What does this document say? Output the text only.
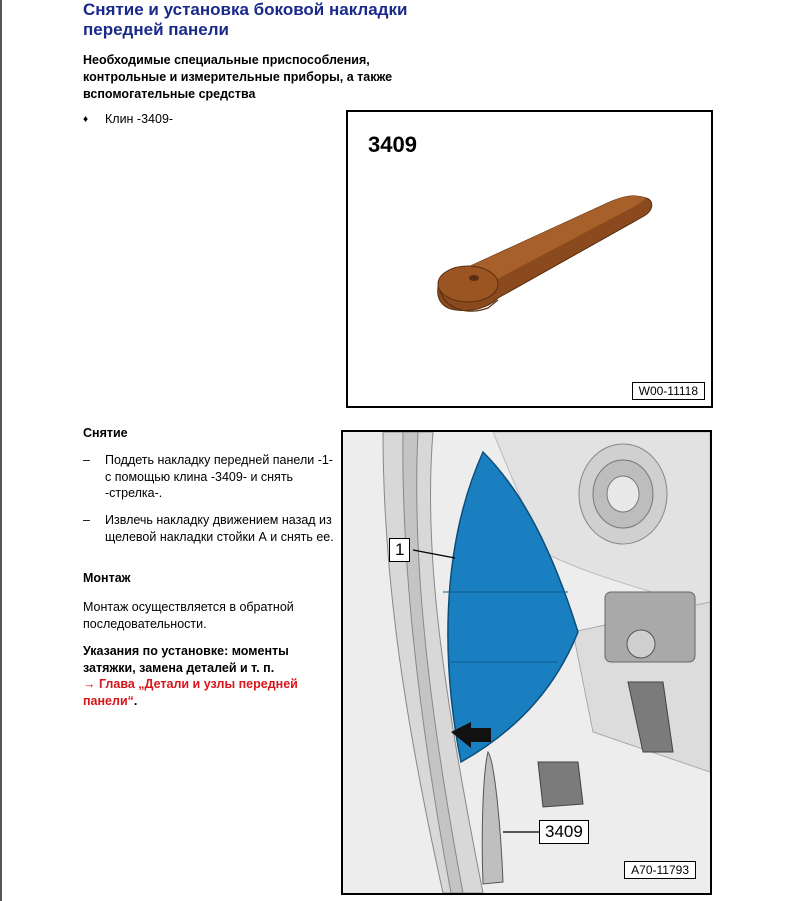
Снятие и установка боковой накладки передней панели

Необходимые специальные приспособления, контрольные и измерительные приборы, а также вспомогательные средства

♦	Клин -3409-
3409
W00-11118
Снятие
–	Поддеть накладку передней панели -1- с помощью клина -3409- и снять -стрелка-.
–	Извлечь накладку движением назад из щелевой накладки стойки А и снять ее.
Монтаж

Монтаж осуществляется в обратной последовательности.

Указания по установке: моменты затяжки, замена деталей и т. п.
→ Глава „Детали и узлы передней панели“.
1
3409
A70-11793
